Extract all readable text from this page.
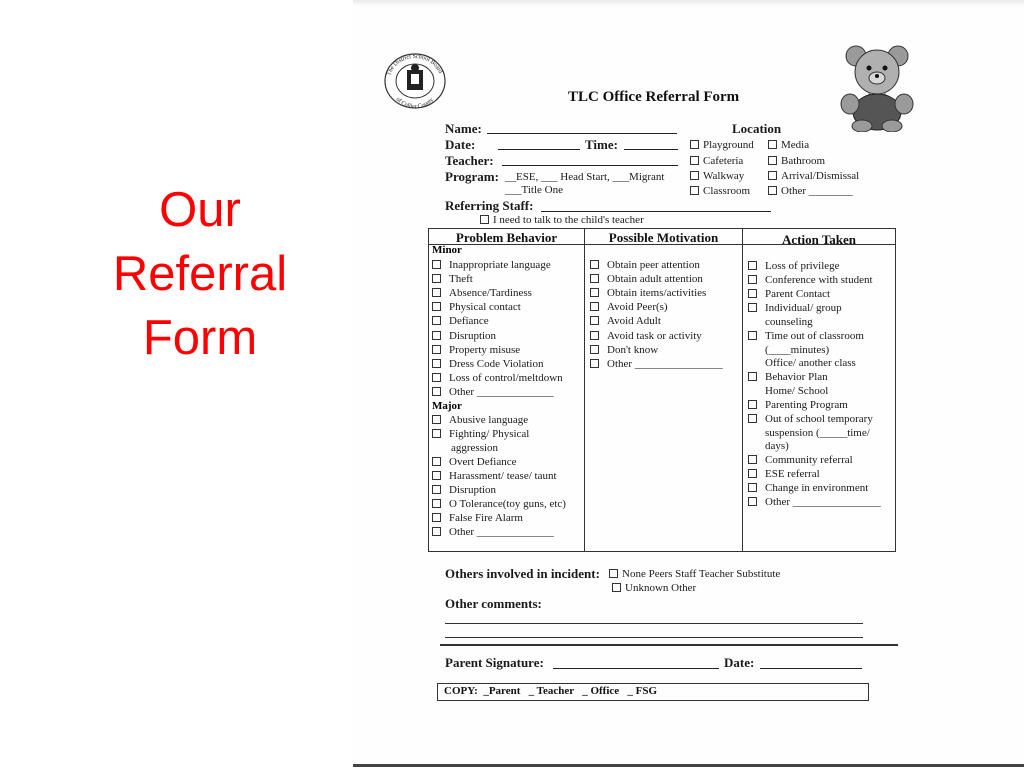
Our
Referral
Form
The District School Board
of Collier County	TLC Office Referral Form
Name:
Date:	Time:
Teacher:
Program: __ESE, ___ Head Start, ___Migrant
___Title One
Referring Staff:
I need to talk to the child's teacher
Location
Playground
Cafeteria
Walkway
Classroom
Media
Bathroom
Arrival/Dismissal
Other ________
Problem Behavior	Possible Motivation	Action Taken
Minor
Inappropriate language
Theft
Absence/Tardiness
Physical contact
Defiance
Disruption
Property misuse
Dress Code Violation
Loss of control/meltdown
Other ______________
Major
Abusive language
Fighting/ Physical
aggression
Overt Defiance
Harassment/ tease/ taunt
Disruption
O Tolerance(toy guns, etc)
False Fire Alarm
Other ______________
Obtain peer attention
Obtain adult attention
Obtain items/activities
Avoid Peer(s)
Avoid Adult
Avoid task or activity
Don't know
Other ________________
Loss of privilege
Conference with student
Parent Contact
Individual/ group
counseling
Time out of classroom
(____minutes)
Office/ another class
Behavior Plan
Home/ School
Parenting Program
Out of school temporary
suspension (_____time/
days)
Community referral
ESE referral
Change in environment
Other ________________
Others involved in incident:	None Peers Staff Teacher Substitute
Unknown Other
Other comments:
Parent Signature:	Date:
COPY:  _Parent   _ Teacher   _ Office   _ FSG
